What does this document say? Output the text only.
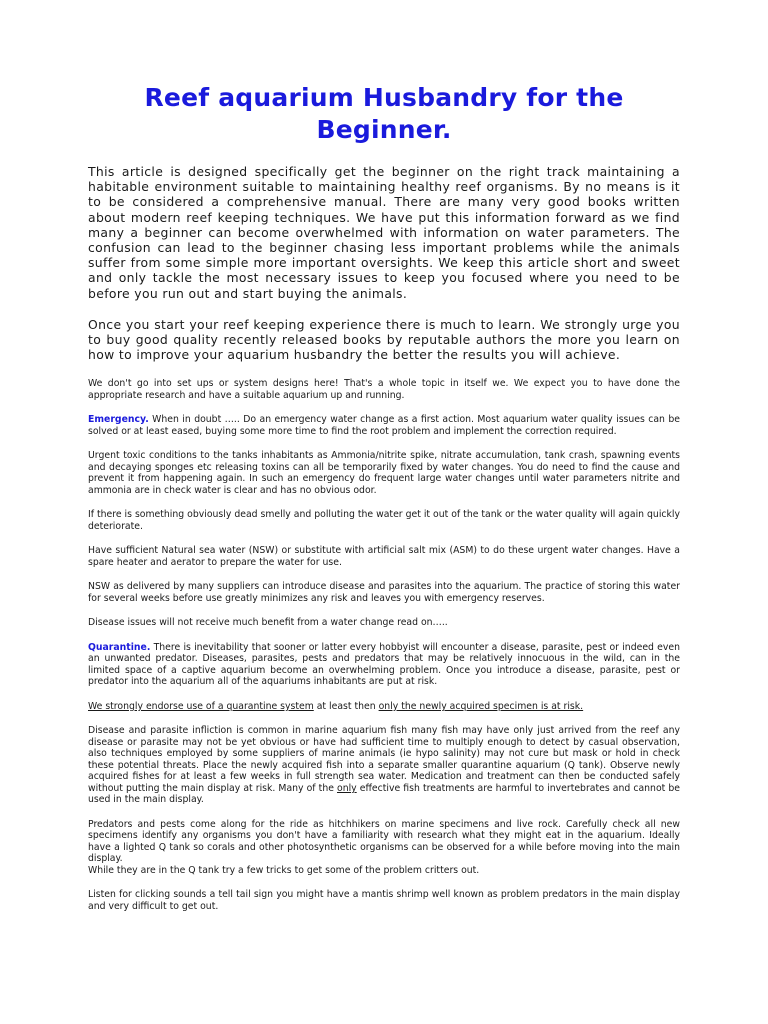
Reef aquarium Husbandry for the Beginner.

This article is designed specifically get the beginner on the right track maintaining a habitable environment suitable to maintaining healthy reef organisms. By no means is it to be considered a comprehensive manual. There are many very good books written about modern reef keeping techniques. We have put this information forward as we find many a beginner can become overwhelmed with information on water parameters. The confusion can lead to the beginner chasing less important problems while the animals suffer from some simple more important oversights. We keep this article short and sweet and only tackle the most necessary issues to keep you focused where you need to be before you run out and start buying the animals.

Once you start your reef keeping experience there is much to learn. We strongly urge you to buy good quality recently released books by reputable authors the more you learn on how to improve your aquarium husbandry the better the results you will achieve.

We don't go into set ups or system designs here! That's a whole topic in itself we. We expect you to have done the appropriate research and have a suitable aquarium up and running.

Emergency. When in doubt ….. Do an emergency water change as a first action. Most aquarium water quality issues can be solved or at least eased, buying some more time to find the root problem and implement the correction required.

Urgent toxic conditions to the tanks inhabitants as Ammonia/nitrite spike, nitrate accumulation, tank crash, spawning events and decaying sponges etc releasing toxins can all be temporarily fixed by water changes. You do need to find the cause and prevent it from happening again. In such an emergency do frequent large water changes until water parameters nitrite and ammonia are in check water is clear and has no obvious odor.

If there is something obviously dead smelly and polluting the water get it out of the tank or the water quality will again quickly deteriorate.

Have sufficient Natural sea water (NSW) or substitute with artificial salt mix (ASM) to do these urgent water changes. Have a spare heater and aerator to prepare the water for use.

NSW as delivered by many suppliers can introduce disease and parasites into the aquarium. The practice of storing this water for several weeks before use greatly minimizes any risk and leaves you with emergency reserves.

Disease issues will not receive much benefit from a water change read on…..

Quarantine. There is inevitability that sooner or latter every hobbyist will encounter a disease, parasite, pest or indeed even an unwanted predator. Diseases, parasites, pests and predators that may be relatively innocuous in the wild, can in the limited space of a captive aquarium become an overwhelming problem. Once you introduce a disease, parasite, pest or predator into the aquarium all of the aquariums inhabitants are put at risk.

We strongly endorse use of a quarantine system at least then only the newly acquired specimen is at risk.

Disease and parasite infliction is common in marine aquarium fish many fish may have only just arrived from the reef any disease or parasite may not be yet obvious or have had sufficient time to multiply enough to detect by casual observation, also techniques employed by some suppliers of marine animals (ie hypo salinity) may not cure but mask or hold in check these potential threats. Place the newly acquired fish into a separate smaller quarantine aquarium (Q tank). Observe newly acquired fishes for at least a few weeks in full strength sea water. Medication and treatment can then be conducted safely without putting the main display at risk. Many of the only effective fish treatments are harmful to invertebrates and cannot be used in the main display.

Predators and pests come along for the ride as hitchhikers on marine specimens and live rock. Carefully check all new specimens identify any organisms you don't have a familiarity with research what they might eat in the aquarium. Ideally have a lighted Q tank so corals and other photosynthetic organisms can be observed for a while before moving into the main display.

While they are in the Q tank try a few tricks to get some of the problem critters out.

Listen for clicking sounds a tell tail sign you might have a mantis shrimp well known as problem predators in the main display and very difficult to get out.
